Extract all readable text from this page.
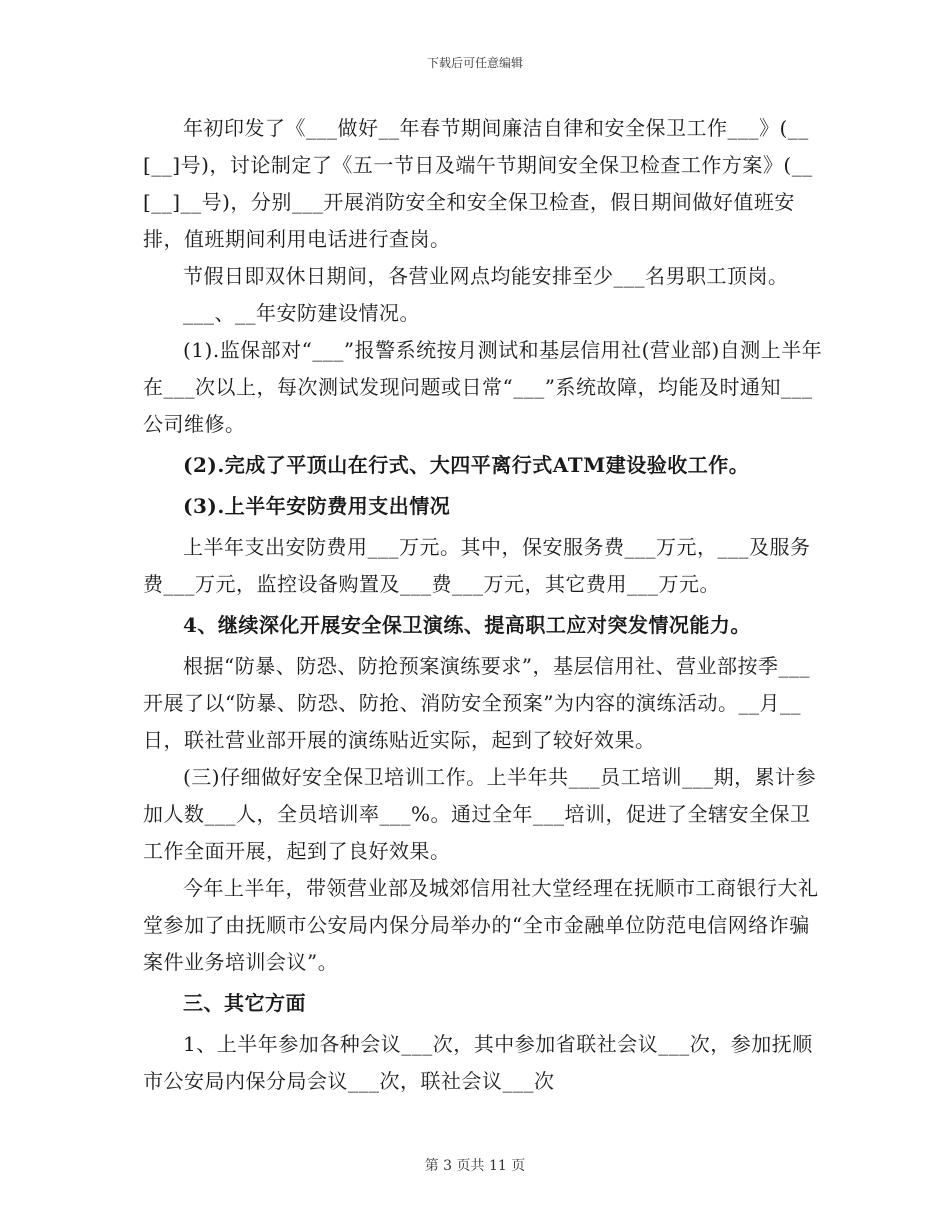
下载后可任意编辑

年初印发了《___做好__年春节期间廉洁自律和安全保卫工作___》(__[__]号)，讨论制定了《五一节日及端午节期间安全保卫检查工作方案》(__[__]__号)，分别___开展消防安全和安全保卫检查，假日期间做好值班安排，值班期间利用电话进行查岗。

节假日即双休日期间，各营业网点均能安排至少___名男职工顶岗。

___、__年安防建设情况。

(1).监保部对“___”报警系统按月测试和基层信用社(营业部)自测上半年在___次以上，每次测试发现问题或日常“___”系统故障，均能及时通知___公司维修。

(2).完成了平顶山在行式、大四平离行式ATM建设验收工作。

(3).上半年安防费用支出情况

上半年支出安防费用___万元。其中，保安服务费___万元，___及服务费___万元，监控设备购置及___费___万元，其它费用___万元。

4、继续深化开展安全保卫演练、提高职工应对突发情况能力。

根据“防暴、防恐、防抢预案演练要求”，基层信用社、营业部按季___开展了以“防暴、防恐、防抢、消防安全预案”为内容的演练活动。__月__日，联社营业部开展的演练贴近实际，起到了较好效果。

(三)仔细做好安全保卫培训工作。上半年共___员工培训___期，累计参加人数___人，全员培训率___%。通过全年___培训，促进了全辖安全保卫工作全面开展，起到了良好效果。

今年上半年，带领营业部及城郊信用社大堂经理在抚顺市工商银行大礼堂参加了由抚顺市公安局内保分局举办的“全市金融单位防范电信网络诈骗案件业务培训会议”。

三、其它方面

1、上半年参加各种会议___次，其中参加省联社会议___次，参加抚顺市公安局内保分局会议___次，联社会议___次

第 3 页共 11 页
